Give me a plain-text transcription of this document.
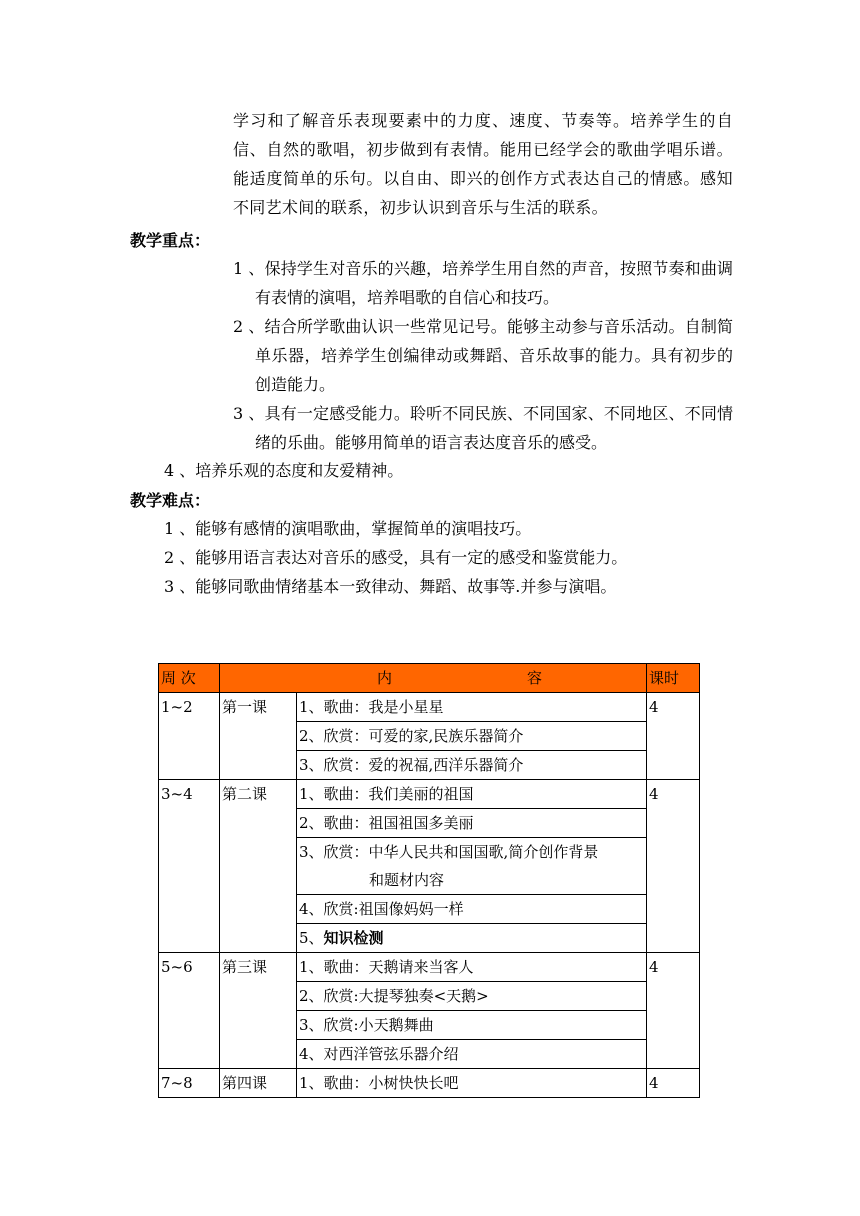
学习和了解音乐表现要素中的力度、速度、节奏等。培养学生的自信、自然的歌唱，初步做到有表情。能用已经学会的歌曲学唱乐谱。能适度简单的乐句。以自由、即兴的创作方式表达自己的情感。感知不同艺术间的联系，初步认识到音乐与生活的联系。
教学重点：
1 、保持学生对音乐的兴趣，培养学生用自然的声音，按照节奏和曲调有表情的演唱，培养唱歌的自信心和技巧。
2 、结合所学歌曲认识一些常见记号。能够主动参与音乐活动。自制简单乐器，培养学生创编律动或舞蹈、音乐故事的能力。具有初步的创造能力。
3 、具有一定感受能力。聆听不同民族、不同国家、不同地区、不同情绪的乐曲。能够用简单的语言表达度音乐的感受。
4 、培养乐观的态度和友爱精神。
教学难点：
1 、能够有感情的演唱歌曲，掌握简单的演唱技巧。
2 、能够用语言表达对音乐的感受，具有一定的感受和鉴赏能力。
3 、能够同歌曲情绪基本一致律动、舞蹈、故事等.并参与演唱。
周 次	内 容		课时
1~2	第一课	1、歌曲：我是小星星	4
		2、欣赏：可爱的家,民族乐器简介	
		3、欣赏：爱的祝福,西洋乐器简介	
3~4	第二课	1、歌曲：我们美丽的祖国	4
		2、歌曲：祖国祖国多美丽	
		3、欣赏：中华人民共和国国歌,简介创作背景
和题材内容	

		4、欣赏:祖国像妈妈一样	
		5、知识检测	
5~6	第三课	1、歌曲：天鹅请来当客人	4
		2、欣赏:大提琴独奏<天鹅>	
		3、欣赏:小天鹅舞曲	
		4、对西洋管弦乐器介绍	
7~8	第四课	1、歌曲：小树快快长吧	4
